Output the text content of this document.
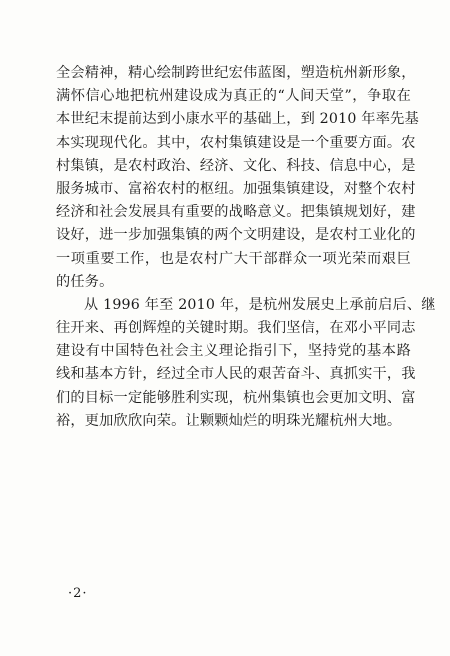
全会精神，精心绘制跨世纪宏伟蓝图，塑造杭州新形象，
满怀信心地把杭州建设成为真正的“人间天堂”，争取在
本世纪末提前达到小康水平的基础上，到 2010 年率先基
本实现现代化。其中，农村集镇建设是一个重要方面。农
村集镇，是农村政治、经济、文化、科技、信息中心，是
服务城市、富裕农村的枢纽。加强集镇建设，对整个农村
经济和社会发展具有重要的战略意义。把集镇规划好，建
设好，进一步加强集镇的两个文明建设，是农村工业化的
一项重要工作，也是农村广大干部群众一项光荣而艰巨
的任务。
从 1996 年至 2010 年，是杭州发展史上承前启后、继
往开来、再创辉煌的关键时期。我们坚信，在邓小平同志
建设有中国特色社会主义理论指引下，坚持党的基本路
线和基本方针，经过全市人民的艰苦奋斗、真抓实干，我
们的目标一定能够胜利实现，杭州集镇也会更加文明、富
裕，更加欣欣向荣。让颗颗灿烂的明珠光耀杭州大地。
·2·
